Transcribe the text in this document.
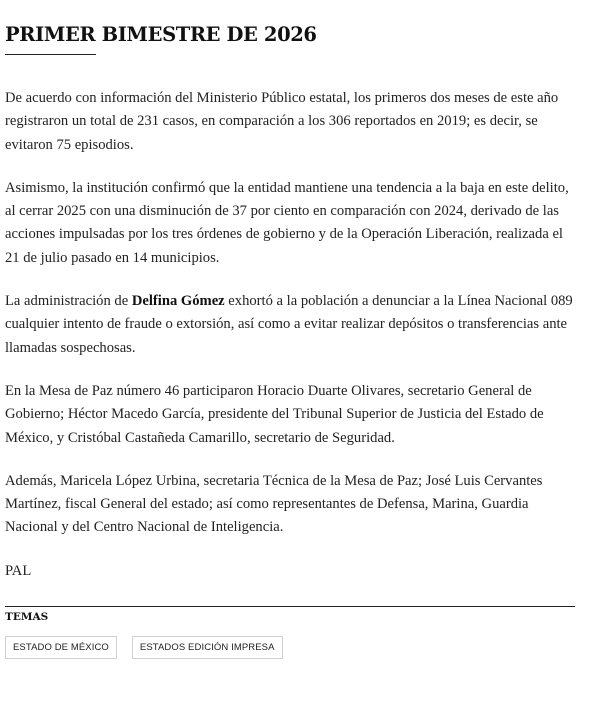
PRIMER BIMESTRE DE 2026

De acuerdo con información del Ministerio Público estatal, los primeros dos meses de este año registraron un total de 231 casos, en comparación a los 306 reportados en 2019; es decir, se evitaron 75 episodios.

Asimismo, la institución confirmó que la entidad mantiene una tendencia a la baja en este delito, al cerrar 2025 con una disminución de 37 por ciento en comparación con 2024, derivado de las acciones impulsadas por los tres órdenes de gobierno y de la Operación Liberación, realizada el 21 de julio pasado en 14 municipios.

La administración de Delfina Gómez exhortó a la población a denunciar a la Línea Nacional 089 cualquier intento de fraude o extorsión, así como a evitar realizar depósitos o transferencias ante llamadas sospechosas.

En la Mesa de Paz número 46 participaron Horacio Duarte Olivares, secretario General de Gobierno; Héctor Macedo García, presidente del Tribunal Superior de Justicia del Estado de México, y Cristóbal Castañeda Camarillo, secretario de Seguridad.

Además, Maricela López Urbina, secretaria Técnica de la Mesa de Paz; José Luis Cervantes Martínez, fiscal General del estado; así como representantes de Defensa, Marina, Guardia Nacional y del Centro Nacional de Inteligencia.

PAL

TEMAS
ESTADO DE MÉXICO	ESTADOS EDICIÓN IMPRESA
